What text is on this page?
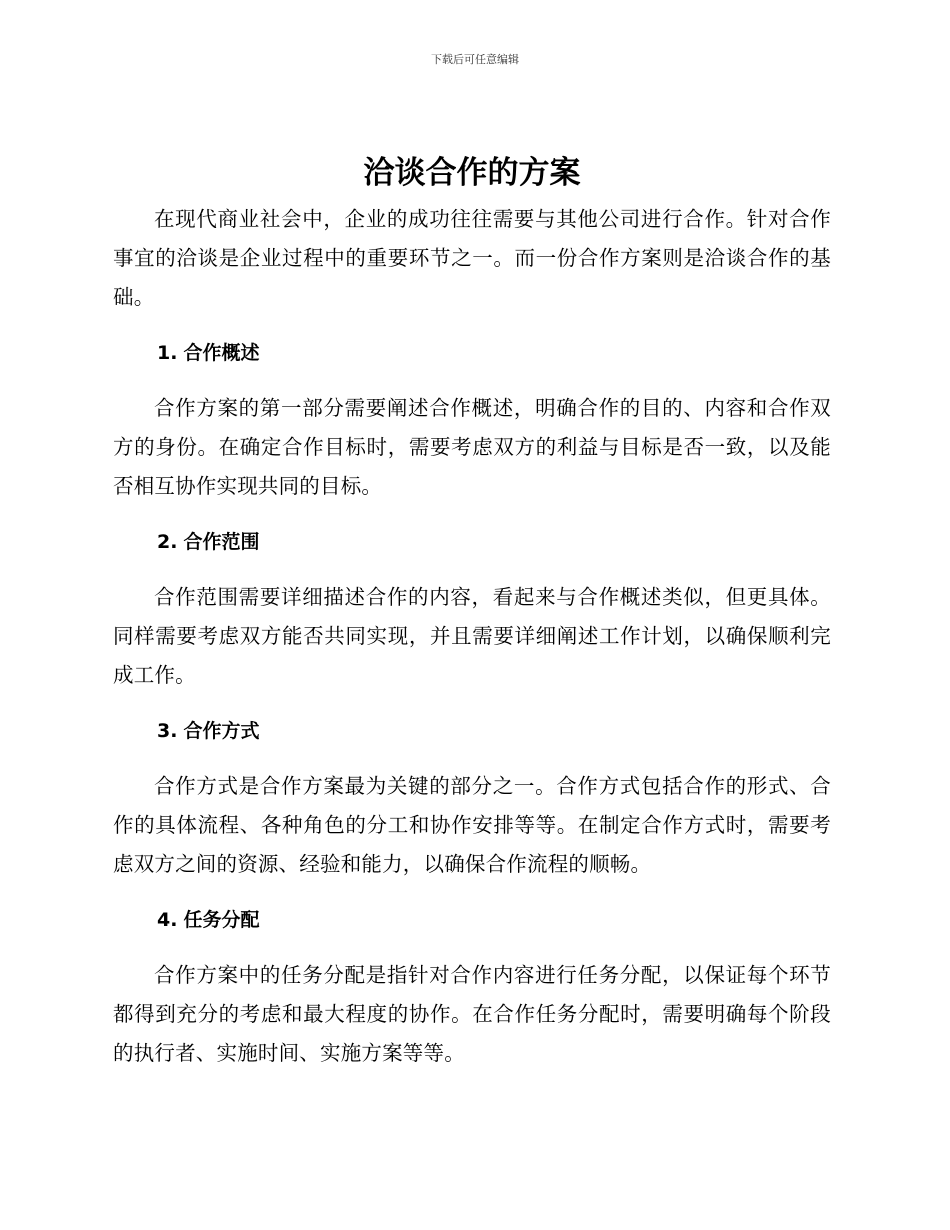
下载后可任意编辑
洽谈合作的方案

在现代商业社会中，企业的成功往往需要与其他公司进行合作。针对合作事宜的洽谈是企业过程中的重要环节之一。而一份合作方案则是洽谈合作的基础。

1. 合作概述

合作方案的第一部分需要阐述合作概述，明确合作的目的、内容和合作双方的身份。在确定合作目标时，需要考虑双方的利益与目标是否一致，以及能否相互协作实现共同的目标。

2. 合作范围

合作范围需要详细描述合作的内容，看起来与合作概述类似，但更具体。同样需要考虑双方能否共同实现，并且需要详细阐述工作计划，以确保顺利完成工作。

3. 合作方式

合作方式是合作方案最为关键的部分之一。合作方式包括合作的形式、合作的具体流程、各种角色的分工和协作安排等等。在制定合作方式时，需要考虑双方之间的资源、经验和能力，以确保合作流程的顺畅。

4. 任务分配

合作方案中的任务分配是指针对合作内容进行任务分配，以保证每个环节都得到充分的考虑和最大程度的协作。在合作任务分配时，需要明确每个阶段的执行者、实施时间、实施方案等等。
